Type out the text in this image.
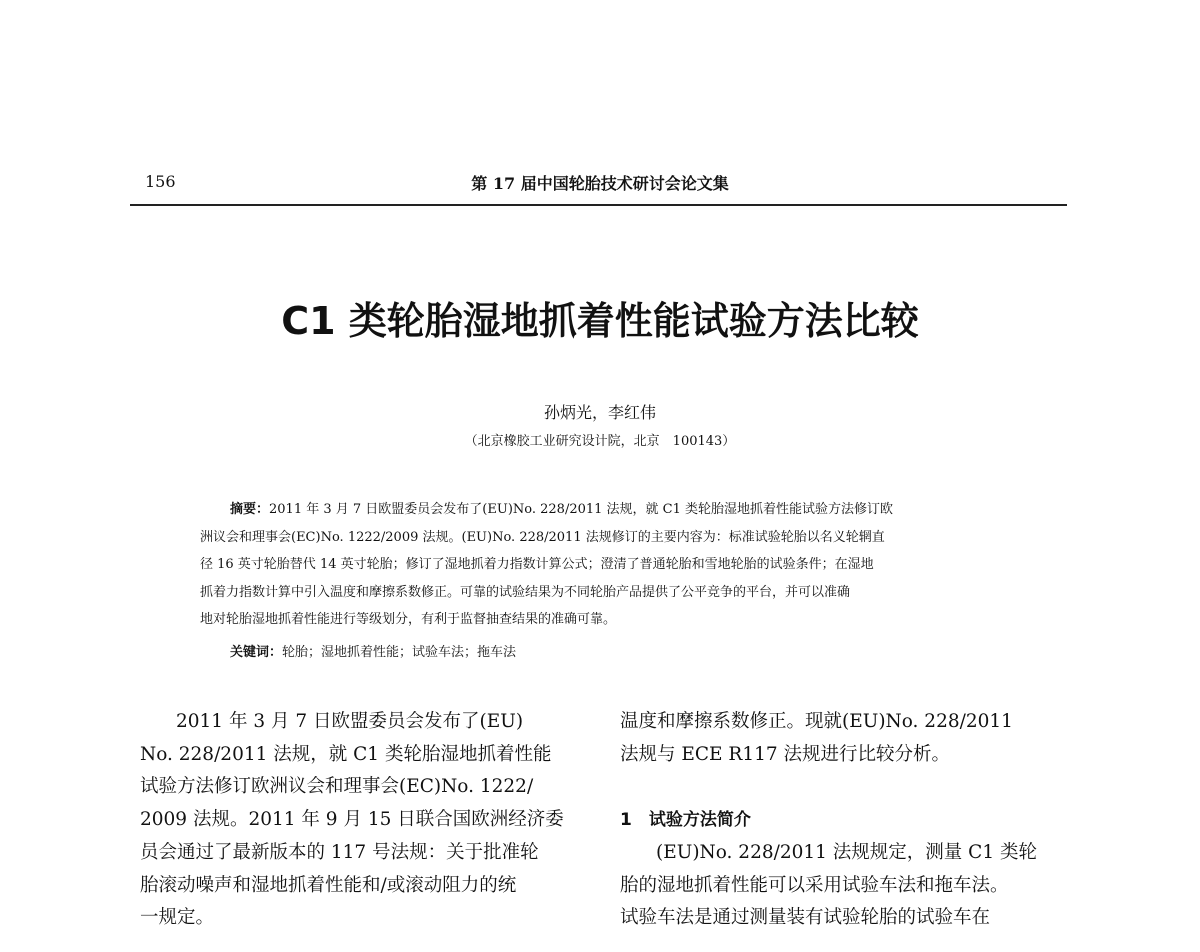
156	第 17 届中国轮胎技术研讨会论文集
C1 类轮胎湿地抓着性能试验方法比较
孙炳光，李红伟
（北京橡胶工业研究设计院，北京　100143）
摘要：2011 年 3 月 7 日欧盟委员会发布了(EU)No. 228/2011 法规，就 C1 类轮胎湿地抓着性能试验方法修订欧
洲议会和理事会(EC)No. 1222/2009 法规。(EU)No. 228/2011 法规修订的主要内容为：标准试验轮胎以名义轮辋直
径 16 英寸轮胎替代 14 英寸轮胎；修订了湿地抓着力指数计算公式；澄清了普通轮胎和雪地轮胎的试验条件；在湿地
抓着力指数计算中引入温度和摩擦系数修正。可靠的试验结果为不同轮胎产品提供了公平竞争的平台，并可以准确
地对轮胎湿地抓着性能进行等级划分，有利于监督抽查结果的准确可靠。
关键词：轮胎；湿地抓着性能；试验车法；拖车法
2011 年 3 月 7 日欧盟委员会发布了(EU)
No. 228/2011 法规，就 C1 类轮胎湿地抓着性能
试验方法修订欧洲议会和理事会(EC)No. 1222/
2009 法规。2011 年 9 月 15 日联合国欧洲经济委
员会通过了最新版本的 117 号法规：关于批准轮
胎滚动噪声和湿地抓着性能和/或滚动阻力的统
一规定。
温度和摩擦系数修正。现就(EU)No. 228/2011
法规与 ECE R117 法规进行比较分析。

1　试验方法简介
(EU)No. 228/2011 法规规定，测量 C1 类轮
胎的湿地抓着性能可以采用试验车法和拖车法。
试验车法是通过测量装有试验轮胎的试验车在
